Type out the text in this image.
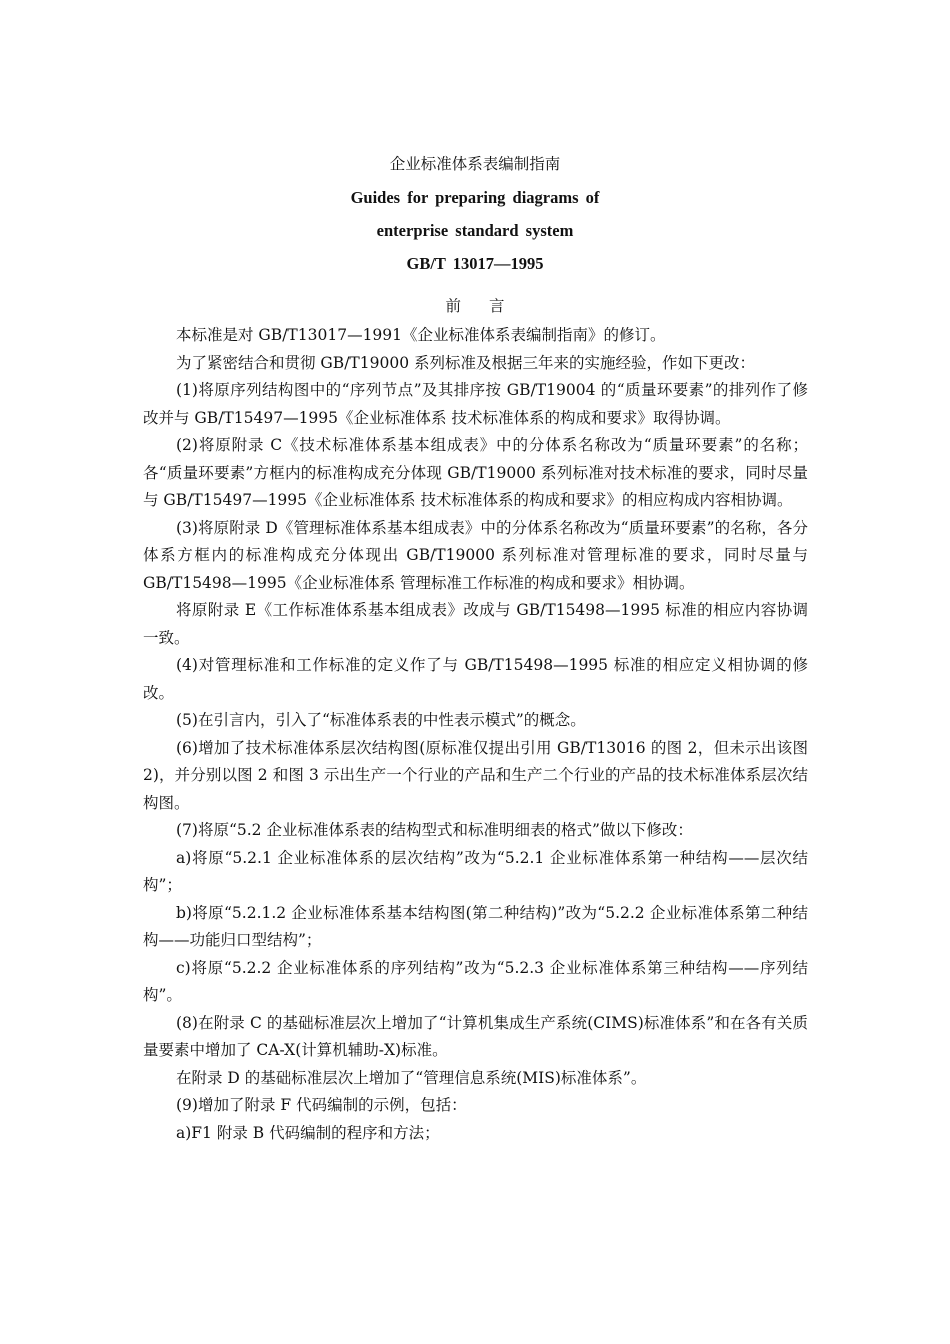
企业标准体系表编制指南
Guides for preparing diagrams of
enterprise standard system
GB/T 13017—1995
前言

本标准是对 GB/T13017—1991《企业标准体系表编制指南》的修订。

为了紧密结合和贯彻 GB/T19000 系列标准及根据三年来的实施经验，作如下更改：

(1)将原序列结构图中的“序列节点”及其排序按 GB/T19004 的“质量环要素”的排列作了修改并与 GB/T15497—1995《企业标准体系 技术标准体系的构成和要求》取得协调。

(2)将原附录 C《技术标准体系基本组成表》中的分体系名称改为“质量环要素”的名称；各“质量环要素”方框内的标准构成充分体现 GB/T19000 系列标准对技术标准的要求，同时尽量与 GB/T15497—1995《企业标准体系 技术标准体系的构成和要求》的相应构成内容相协调。

(3)将原附录 D《管理标准体系基本组成表》中的分体系名称改为“质量环要素”的名称，各分体系方框内的标准构成充分体现出 GB/T19000 系列标准对管理标准的要求，同时尽量与 GB/T15498—1995《企业标准体系 管理标准工作标准的构成和要求》相协调。

将原附录 E《工作标准体系基本组成表》改成与 GB/T15498—1995 标准的相应内容协调一致。

(4)对管理标准和工作标准的定义作了与 GB/T15498—1995 标准的相应定义相协调的修改。

(5)在引言内，引入了“标准体系表的中性表示模式”的概念。

(6)增加了技术标准体系层次结构图(原标准仅提出引用 GB/T13016 的图 2，但未示出该图 2)，并分别以图 2 和图 3 示出生产一个行业的产品和生产二个行业的产品的技术标准体系层次结构图。

(7)将原“5.2 企业标准体系表的结构型式和标准明细表的格式”做以下修改：

a)将原“5.2.1 企业标准体系的层次结构”改为“5.2.1 企业标准体系第一种结构——层次结构”；

b)将原“5.2.1.2 企业标准体系基本结构图(第二种结构)”改为“5.2.2 企业标准体系第二种结构——功能归口型结构”；

c)将原“5.2.2 企业标准体系的序列结构”改为“5.2.3 企业标准体系第三种结构——序列结构”。

(8)在附录 C 的基础标准层次上增加了“计算机集成生产系统(CIMS)标准体系”和在各有关质量要素中增加了 CA-X(计算机辅助-X)标准。

在附录 D 的基础标准层次上增加了“管理信息系统(MIS)标准体系”。

(9)增加了附录 F 代码编制的示例，包括：

a)F1 附录 B 代码编制的程序和方法；
